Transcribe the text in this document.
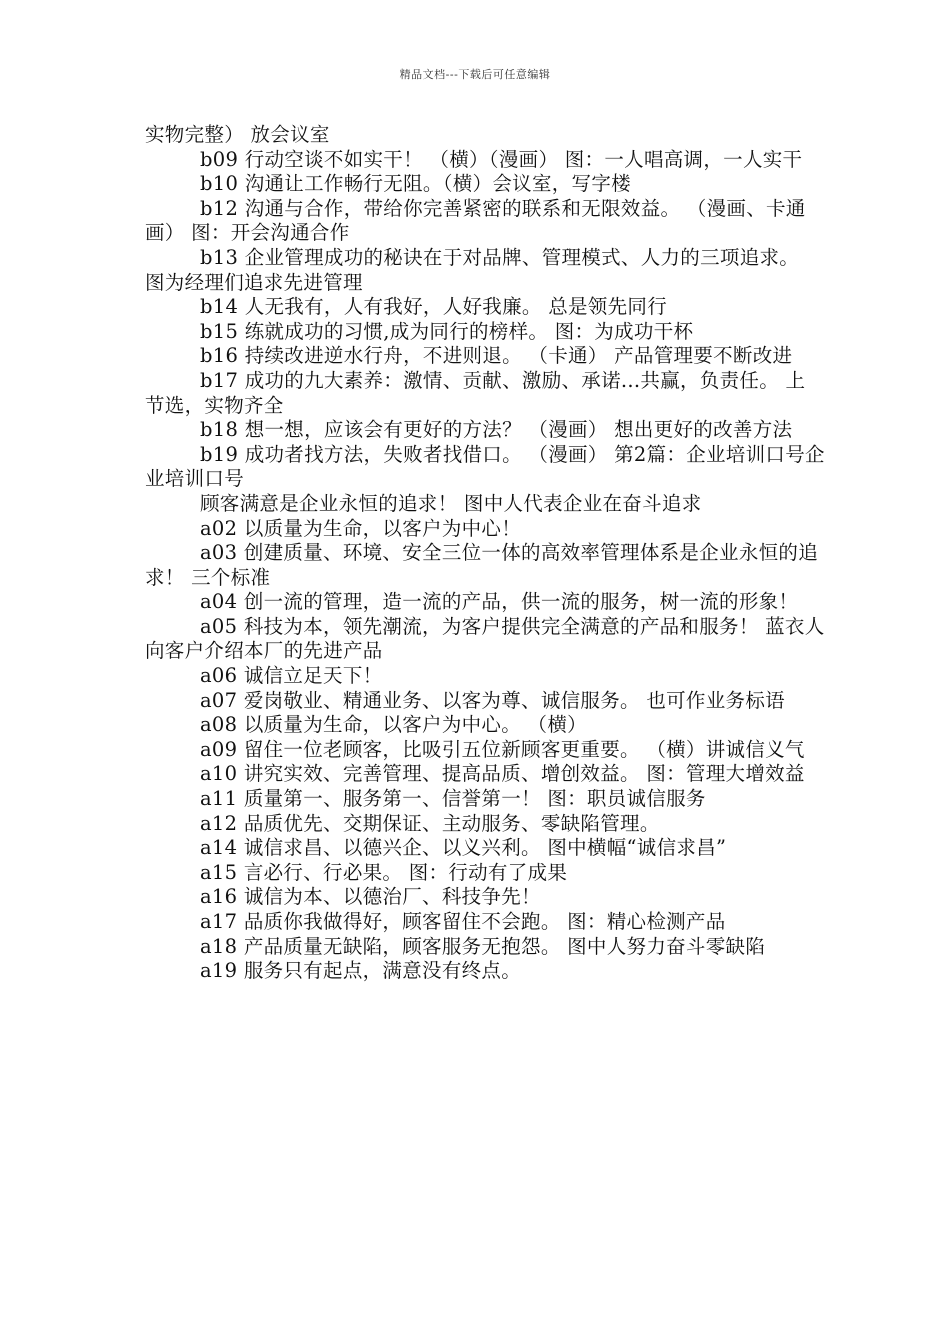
精品文档---下载后可任意编辑

实物完整） 放会议室

b09 行动空谈不如实干！ （横）（漫画） 图：一人唱高调，一人实干

b10 沟通让工作畅行无阻。（横）会议室，写字楼

b12 沟通与合作，带给你完善紧密的联系和无限效益。 （漫画、卡通画） 图：开会沟通合作

b13 企业管理成功的秘诀在于对品牌、管理模式、人力的三项追求。 图为经理们追求先进管理

b14 人无我有，人有我好，人好我廉。 总是领先同行

b15 练就成功的习惯,成为同行的榜样。 图：为成功干杯

b16 持续改进逆水行舟，不进则退。 （卡通） 产品管理要不断改进

b17 成功的九大素养：激情、贡献、激励、承诺...共赢，负责任。 上节选，实物齐全

b18 想一想，应该会有更好的方法？ （漫画） 想出更好的改善方法

b19 成功者找方法，失败者找借口。 （漫画） 第2篇：企业培训口号企业培训口号

顾客满意是企业永恒的追求！ 图中人代表企业在奋斗追求

a02 以质量为生命，以客户为中心！

a03 创建质量、环境、安全三位一体的高效率管理体系是企业永恒的追求！ 三个标准

a04 创一流的管理，造一流的产品，供一流的服务，树一流的形象！

a05 科技为本，领先潮流，为客户提供完全满意的产品和服务！ 蓝衣人向客户介绍本厂的先进产品

a06 诚信立足天下！

a07 爱岗敬业、精通业务、以客为尊、诚信服务。 也可作业务标语

a08 以质量为生命，以客户为中心。 （横）

a09 留住一位老顾客，比吸引五位新顾客更重要。 （横）讲诚信义气

a10 讲究实效、完善管理、提高品质、增创效益。 图：管理大增效益

a11 质量第一、服务第一、信誉第一！ 图：职员诚信服务

a12 品质优先、交期保证、主动服务、零缺陷管理。

a14 诚信求昌、以德兴企、以义兴利。 图中横幅“诚信求昌”

a15 言必行、行必果。 图：行动有了成果

a16 诚信为本、以德治厂、科技争先！

a17 品质你我做得好，顾客留住不会跑。 图：精心检测产品

a18 产品质量无缺陷，顾客服务无抱怨。 图中人努力奋斗零缺陷

a19 服务只有起点，满意没有终点。
